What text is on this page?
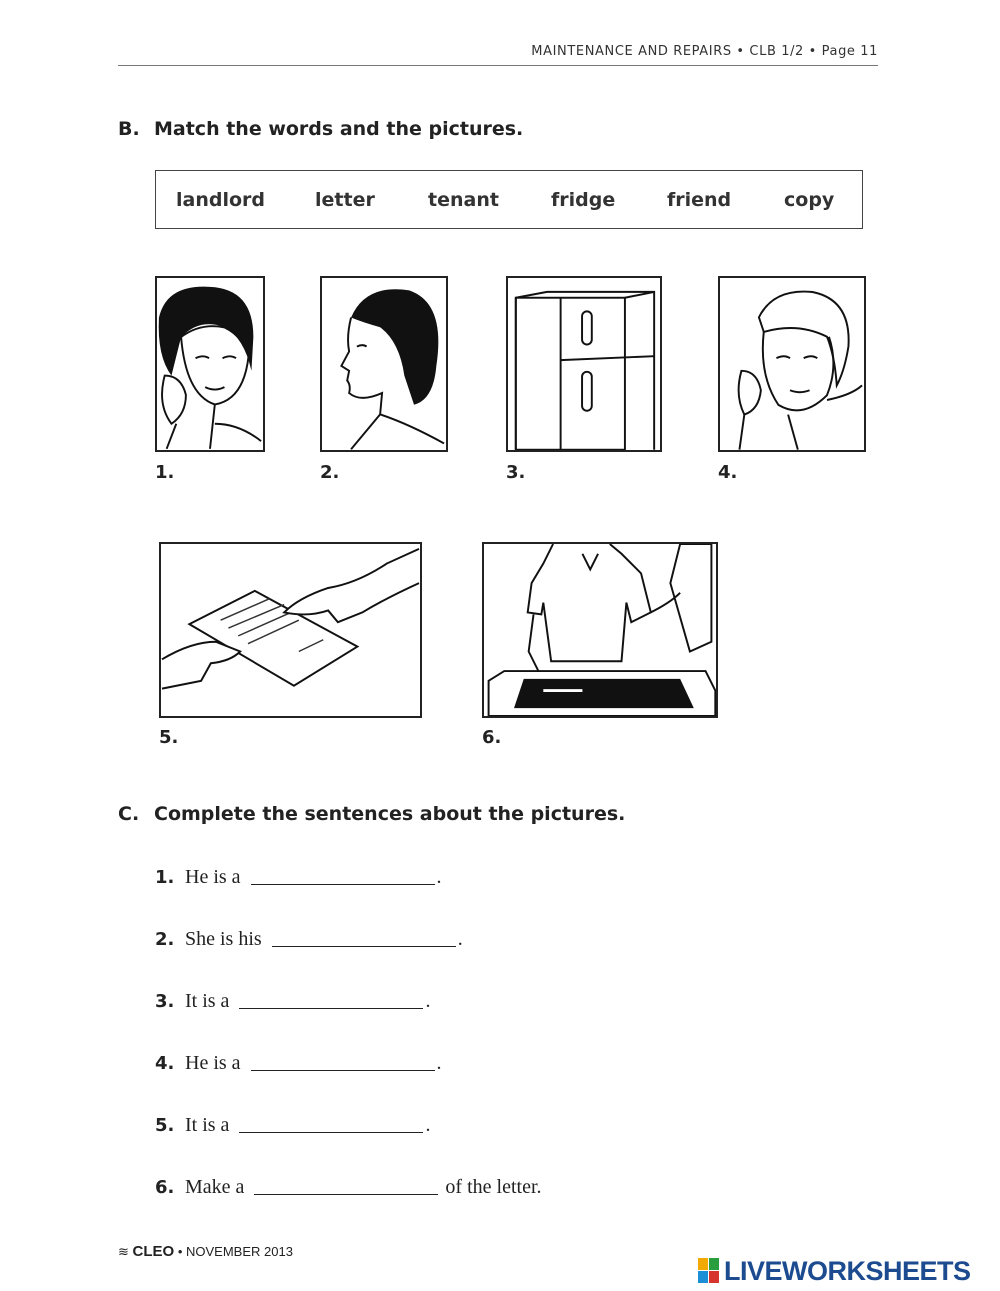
MAINTENANCE AND REPAIRS • CLB 1/2 • Page 11
B. Match the words and the pictures.
landlord	letter	tenant	fridge	friend	copy
1.	2.	3.	4.
5.	6.
C. Complete the sentences about the pictures.
1. He is a	.
2. She is his	.
3. It is a	.
4. He is a	.
5. It is a	.
6. Make a	of the letter.
≋ CLEO • NOVEMBER 2013
LIVEWORKSHEETS
